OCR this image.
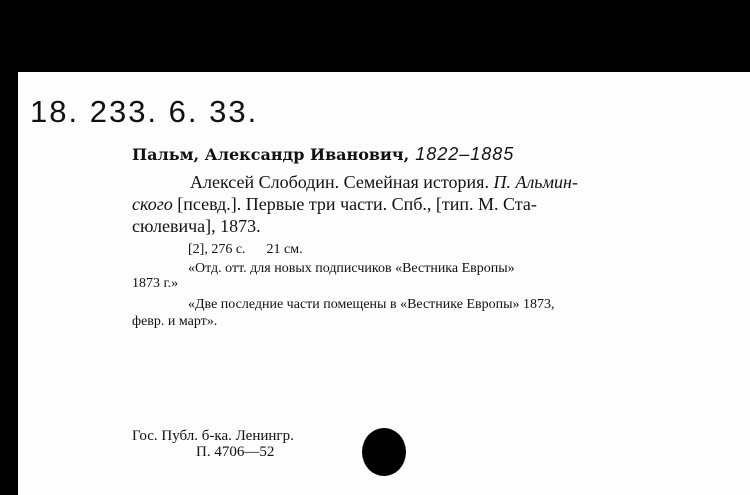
18. 233. 6. 33.
Пальм, Александр Иванович, 1822–1885
Алексей Слободин. Семейная история. П. Альмин-
ского [псевд.]. Первые три части. Спб., [тип. М. Ста-
сюлевича], 1873.
[2], 276 с.      21 см.
«Отд. отт. для новых подписчиков «Вестника Европы»
1873 г.»
«Две последние части помещены в «Вестнике Европы» 1873,
февр. и март».
Гос. Публ. б-ка. Ленингр.
П. 4706—52
